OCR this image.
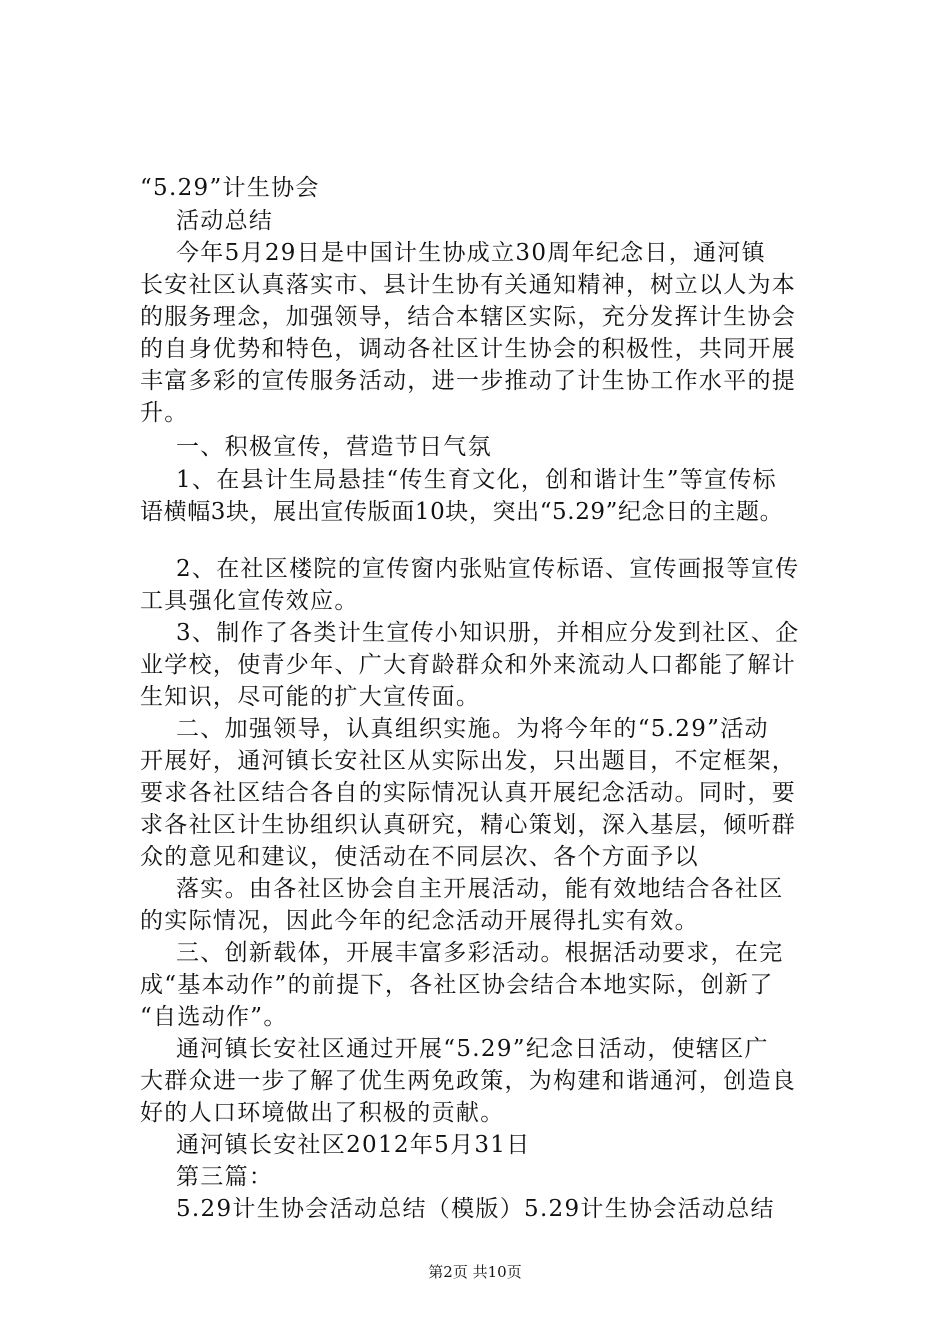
“5.29”计生协会
活动总结
今年5月29日是中国计生协成立30周年纪念日，通河镇
长安社区认真落实市、县计生协有关通知精神，树立以人为本
的服务理念，加强领导，结合本辖区实际，充分发挥计生协会
的自身优势和特色，调动各社区计生协会的积极性，共同开展
丰富多彩的宣传服务活动，进一步推动了计生协工作水平的提
升。
一、积极宣传，营造节日气氛
1、在县计生局悬挂“传生育文化，创和谐计生”等宣传标
语横幅3块，展出宣传版面10块，突出“5.29”纪念日的主题。
2、在社区楼院的宣传窗内张贴宣传标语、宣传画报等宣传
工具强化宣传效应。
3、制作了各类计生宣传小知识册，并相应分发到社区、企
业学校，使青少年、广大育龄群众和外来流动人口都能了解计
生知识，尽可能的扩大宣传面。
二、加强领导，认真组织实施。为将今年的“5.29”活动
开展好，通河镇长安社区从实际出发，只出题目，不定框架，
要求各社区结合各自的实际情况认真开展纪念活动。同时，要
求各社区计生协组织认真研究，精心策划，深入基层，倾听群
众的意见和建议，使活动在不同层次、各个方面予以
落实。由各社区协会自主开展活动，能有效地结合各社区
的实际情况，因此今年的纪念活动开展得扎实有效。
三、创新载体，开展丰富多彩活动。根据活动要求，在完
成“基本动作”的前提下，各社区协会结合本地实际，创新了
“自选动作”。
通河镇长安社区通过开展“5.29”纪念日活动，使辖区广
大群众进一步了解了优生两免政策，为构建和谐通河，创造良
好的人口环境做出了积极的贡献。
通河镇长安社区2012年5月31日
第三篇：
5.29计生协会活动总结（模版）5.29计生协会活动总结
第2页 共10页
